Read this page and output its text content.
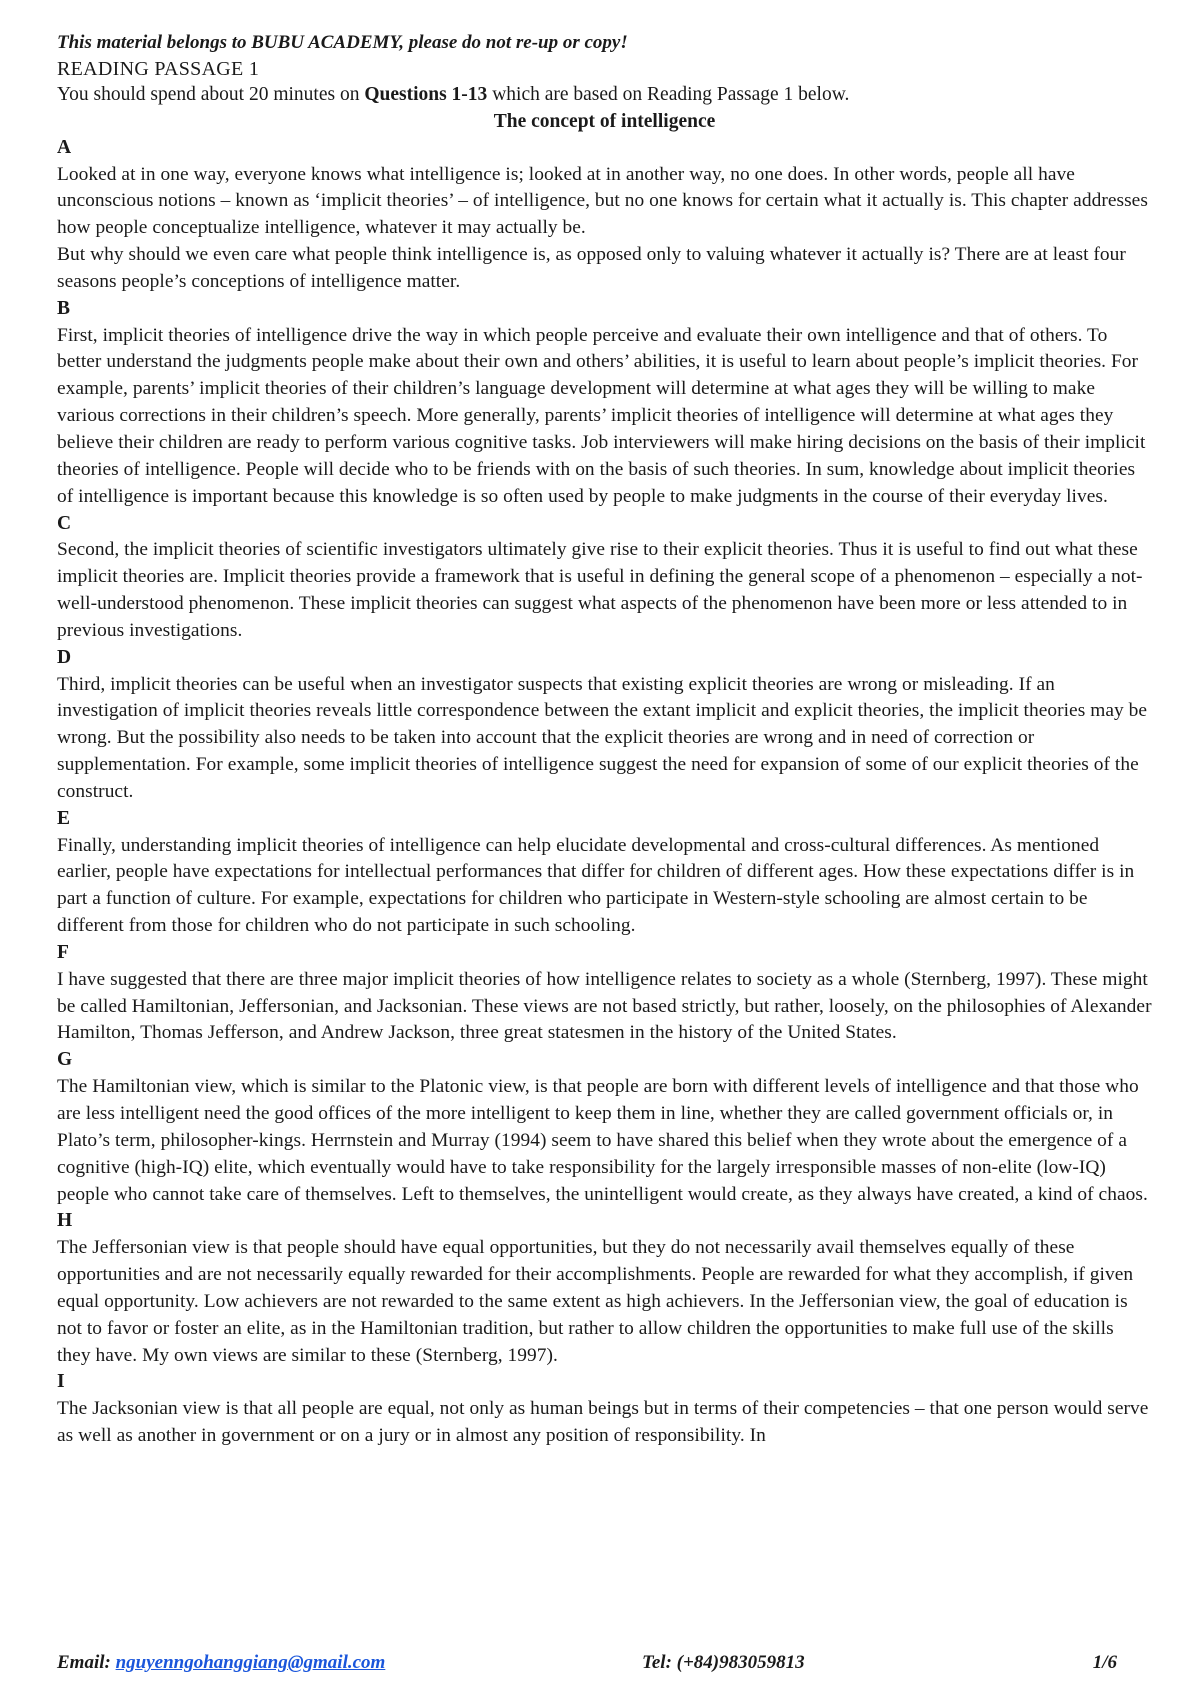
This material belongs to BUBU ACADEMY, please do not re-up or copy!

READING PASSAGE 1

You should spend about 20 minutes on Questions 1-13 which are based on Reading Passage 1 below.

The concept of intelligence

A

Looked at in one way, everyone knows what intelligence is; looked at in another way, no one does. In other words, people all have unconscious notions – known as ‘implicit theories’ – of intelligence, but no one knows for certain what it actually is. This chapter addresses how people conceptualize intelligence, whatever it may actually be.

But why should we even care what people think intelligence is, as opposed only to valuing whatever it actually is? There are at least four seasons people’s conceptions of intelligence matter.

B

First, implicit theories of intelligence drive the way in which people perceive and evaluate their own intelligence and that of others. To better understand the judgments people make about their own and others’ abilities, it is useful to learn about people’s implicit theories. For example, parents’ implicit theories of their children’s language development will determine at what ages they will be willing to make various corrections in their children’s speech. More generally, parents’ implicit theories of intelligence will determine at what ages they believe their children are ready to perform various cognitive tasks. Job interviewers will make hiring decisions on the basis of their implicit theories of intelligence. People will decide who to be friends with on the basis of such theories. In sum, knowledge about implicit theories of intelligence is important because this knowledge is so often used by people to make judgments in the course of their everyday lives.

C

Second, the implicit theories of scientific investigators ultimately give rise to their explicit theories. Thus it is useful to find out what these implicit theories are. Implicit theories provide a framework that is useful in defining the general scope of a phenomenon – especially a not-well-understood phenomenon. These implicit theories can suggest what aspects of the phenomenon have been more or less attended to in previous investigations.

D

Third, implicit theories can be useful when an investigator suspects that existing explicit theories are wrong or misleading. If an investigation of implicit theories reveals little correspondence between the extant implicit and explicit theories, the implicit theories may be wrong. But the possibility also needs to be taken into account that the explicit theories are wrong and in need of correction or supplementation. For example, some implicit theories of intelligence suggest the need for expansion of some of our explicit theories of the construct.

E

Finally, understanding implicit theories of intelligence can help elucidate developmental and cross-cultural differences. As mentioned earlier, people have expectations for intellectual performances that differ for children of different ages. How these expectations differ is in part a function of culture. For example, expectations for children who participate in Western-style schooling are almost certain to be different from those for children who do not participate in such schooling.

F

I have suggested that there are three major implicit theories of how intelligence relates to society as a whole (Sternberg, 1997). These might be called Hamiltonian, Jeffersonian, and Jacksonian. These views are not based strictly, but rather, loosely, on the philosophies of Alexander Hamilton, Thomas Jefferson, and Andrew Jackson, three great statesmen in the history of the United States.

G

The Hamiltonian view, which is similar to the Platonic view, is that people are born with different levels of intelligence and that those who are less intelligent need the good offices of the more intelligent to keep them in line, whether they are called government officials or, in Plato’s term, philosopher-kings. Herrnstein and Murray (1994) seem to have shared this belief when they wrote about the emergence of a cognitive (high-IQ) elite, which eventually would have to take responsibility for the largely irresponsible masses of non-elite (low-IQ) people who cannot take care of themselves. Left to themselves, the unintelligent would create, as they always have created, a kind of chaos.

H

The Jeffersonian view is that people should have equal opportunities, but they do not necessarily avail themselves equally of these opportunities and are not necessarily equally rewarded for their accomplishments. People are rewarded for what they accomplish, if given equal opportunity. Low achievers are not rewarded to the same extent as high achievers. In the Jeffersonian view, the goal of education is not to favor or foster an elite, as in the Hamiltonian tradition, but rather to allow children the opportunities to make full use of the skills they have. My own views are similar to these (Sternberg, 1997).

I

The Jacksonian view is that all people are equal, not only as human beings but in terms of their competencies – that one person would serve as well as another in government or on a jury or in almost any position of responsibility. In

Email: nguyenngohanggiang@gmail.com	Tel: (+84)983059813	1/6
